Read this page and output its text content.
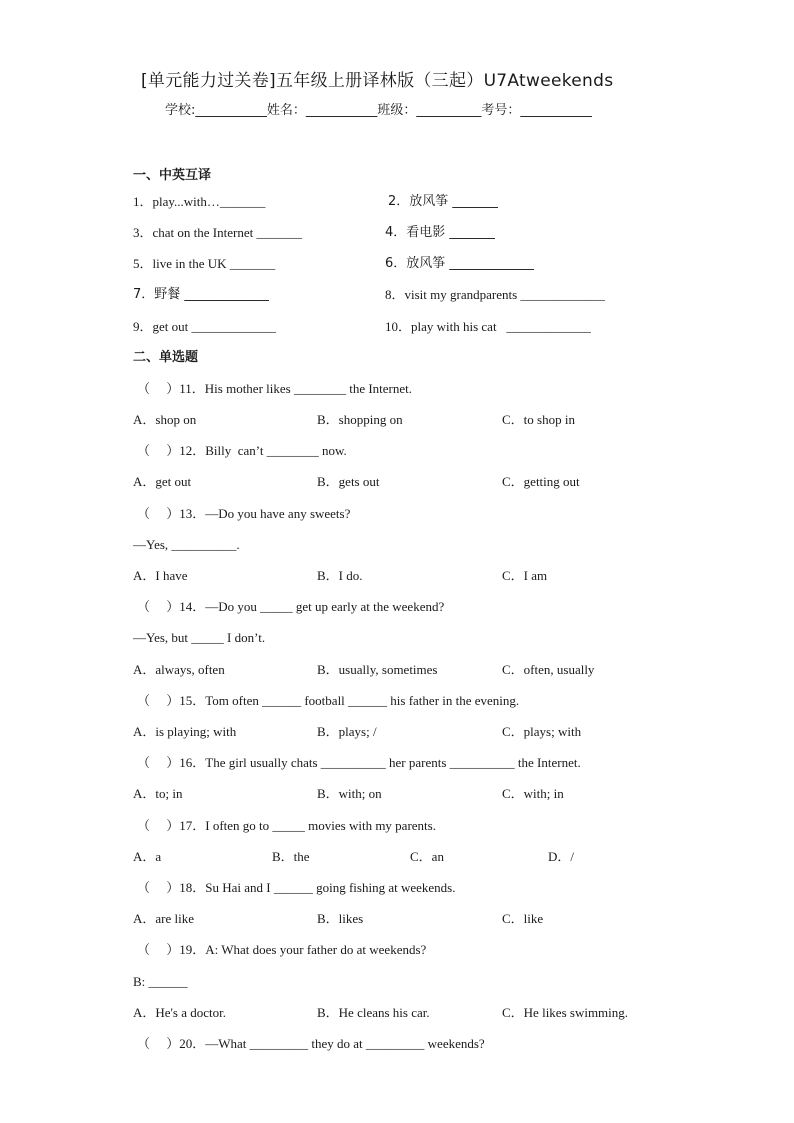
[单元能力过关卷]五年级上册译林版（三起）U7Atweekends
学校:___________姓名：___________班级：__________考号：___________
一、中英互译
1．play...with…_______	2．放风筝 _______
3．chat on the Internet _______	4．看电影 _______
5．live in the UK _______	6．放风筝 _____________
7．野餐 _____________	8．visit my grandparents _____________
9．get out _____________	10．play with his cat   _____________
二、单选题
（     ）11．His mother likes ________ the Internet.
A．shop on	B．shopping on	C．to shop in
（     ）12．Billy  can’t ________ now.
A．get out	B．gets out	C．getting out
（     ）13．—Do you have any sweets?
—Yes, __________.
A．I have	B．I do.	C．I am
（     ）14．—Do you _____ get up early at the weekend?
—Yes, but _____ I don’t.
A．always, often	B．usually, sometimes	C．often, usually
（     ）15．Tom often ______ football ______ his father in the evening.
A．is playing; with	B．plays; /	C．plays; with
（     ）16．The girl usually chats __________ her parents __________ the Internet.
A．to; in	B．with; on	C．with; in
（     ）17．I often go to _____ movies with my parents.
A．a	B．the	C．an	D．/
（     ）18．Su Hai and I ______ going fishing at weekends.
A．are like	B．likes	C．like
（     ）19．A: What does your father do at weekends?
B: ______
A．He's a doctor.	B．He cleans his car.	C．He likes swimming.
（     ）20．—What _________ they do at _________ weekends?
